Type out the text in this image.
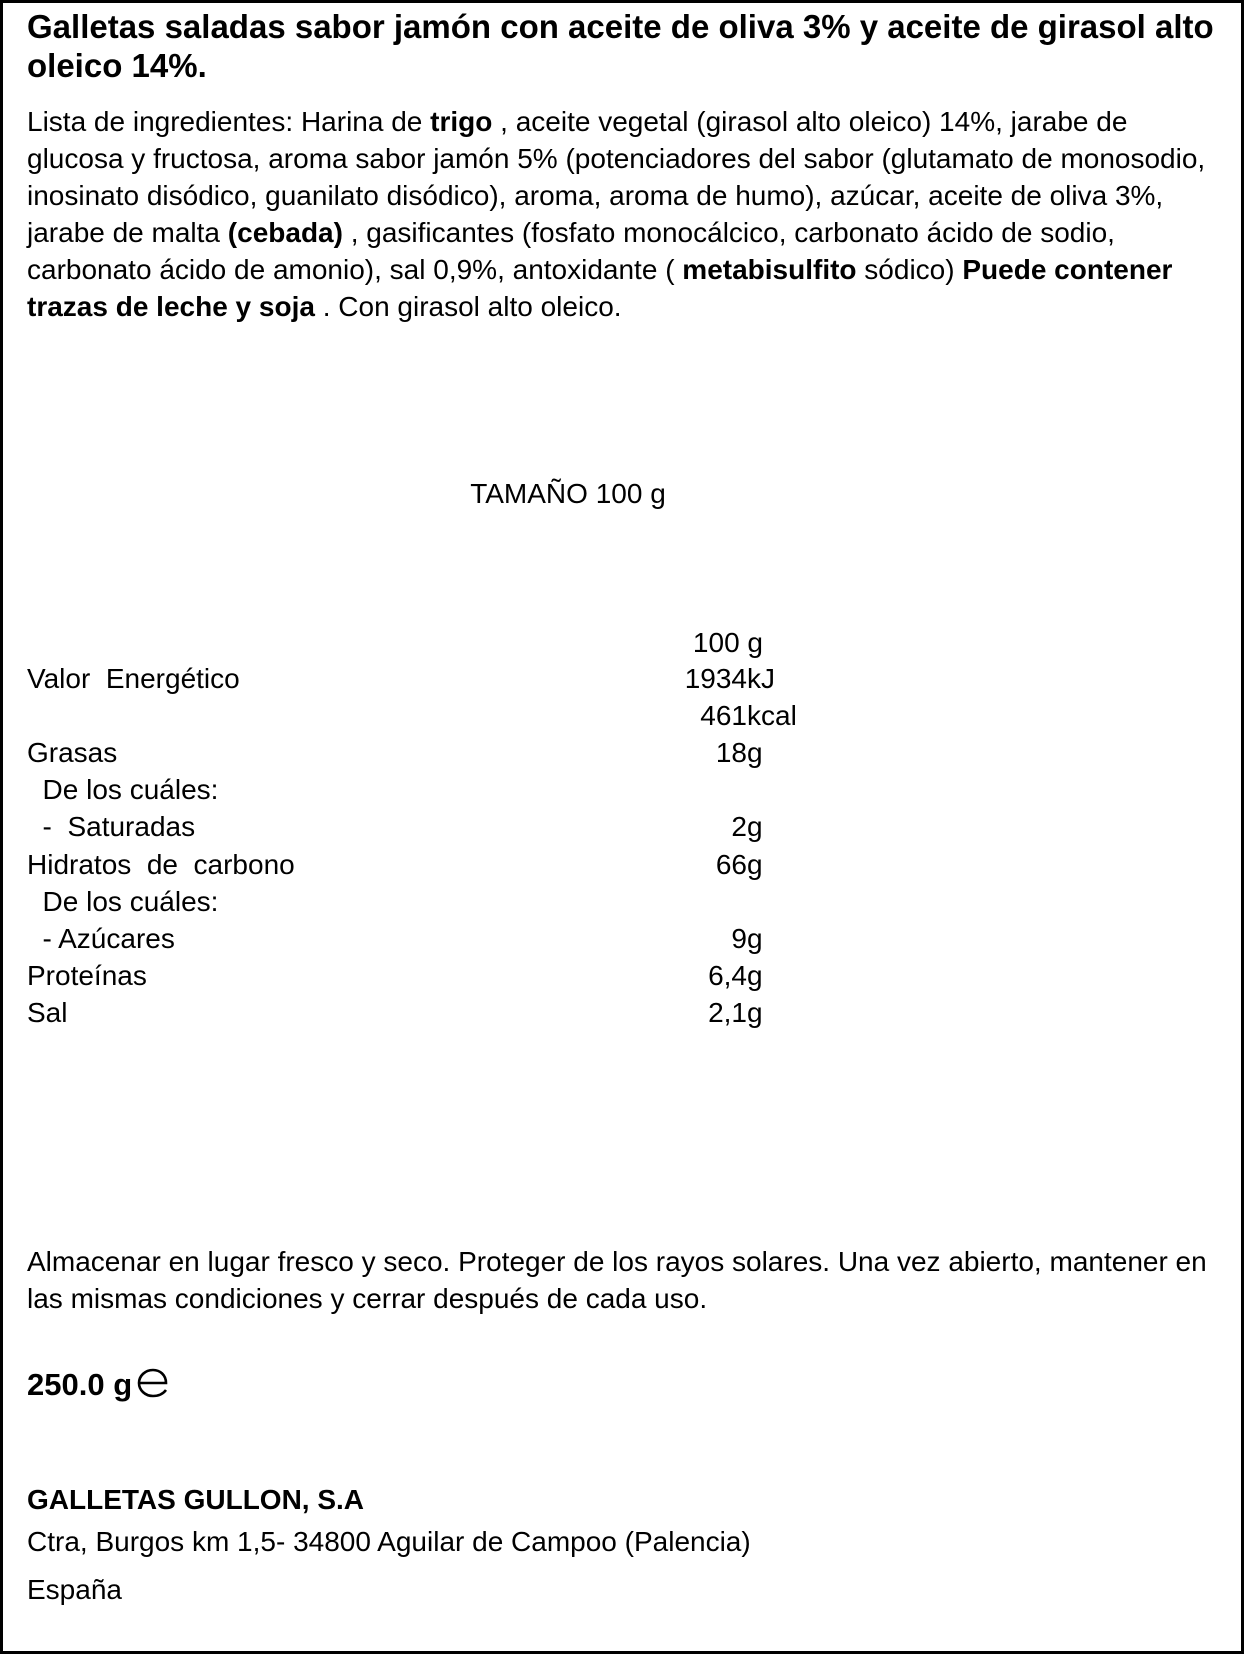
Galletas saladas sabor jamón con aceite de oliva 3% y aceite de girasol alto oleico 14%.

Lista de ingredientes: Harina de trigo , aceite vegetal (girasol alto oleico) 14%, jarabe de glucosa y fructosa, aroma sabor jamón 5% (potenciadores del sabor (glutamato de monosodio, inosinato disódico, guanilato disódico), aroma, aroma de humo), azúcar, aceite de oliva 3%, jarabe de malta (cebada) , gasificantes (fosfato monocálcico, carbonato ácido de sodio, carbonato ácido de amonio), sal 0,9%, antoxidante ( metabisulfito sódico) Puede contener trazas de leche y soja . Con girasol alto oleico.

TAMAÑO 100 g
100 g
Valor  Energético	1934 kJ
461 kcal
Grasas	18 g
De los cuáles:
-  Saturadas	2 g
Hidratos  de  carbono	66 g
De los cuáles:
- Azúcares	9 g
Proteínas	6,4 g
Sal	2,1 g

Almacenar en lugar fresco y seco. Proteger de los rayos solares. Una vez abierto, mantener en las mismas condiciones y cerrar después de cada uso.

250.0 g
GALLETAS GULLON, S.A
Ctra, Burgos km 1,5- 34800 Aguilar de Campoo (Palencia)
España
